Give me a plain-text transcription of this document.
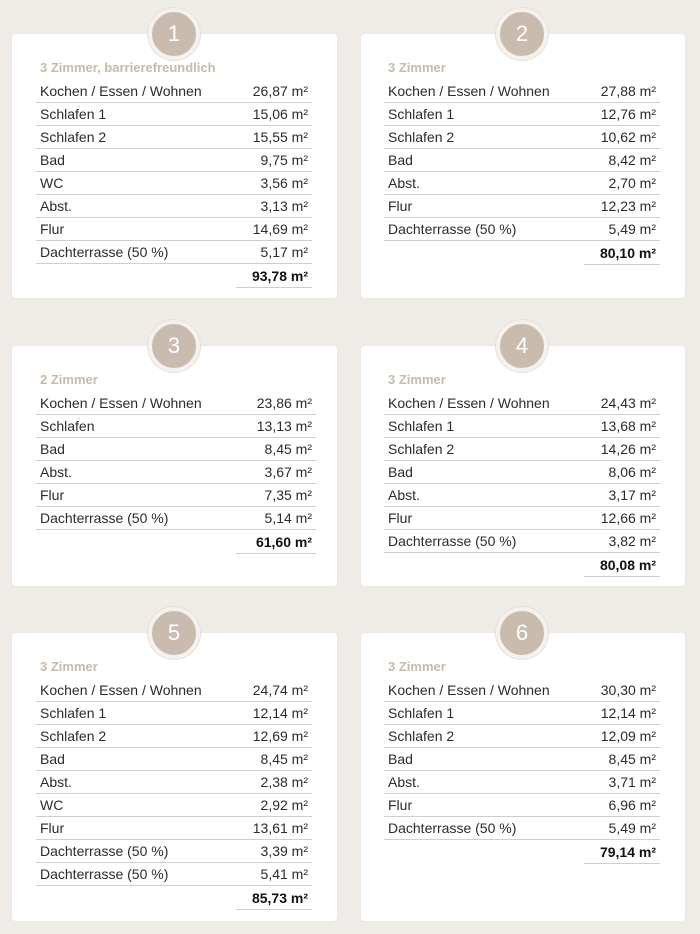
1
3 Zimmer, barrierefreundlich
Kochen / Essen / Wohnen	26,87 m²
Schlafen 1	15,06 m²
Schlafen 2	15,55 m²
Bad	9,75 m²
WC	3,56 m²
Abst.	3,13 m²
Flur	14,69 m²
Dachterrasse (50 %)	5,17 m²
93,78 m²
2
3 Zimmer
Kochen / Essen / Wohnen	27,88 m²
Schlafen 1	12,76 m²
Schlafen 2	10,62 m²
Bad	8,42 m²
Abst.	2,70 m²
Flur	12,23 m²
Dachterrasse (50 %)	5,49 m²
80,10 m²
3
2 Zimmer
Kochen / Essen / Wohnen	23,86 m²
Schlafen	13,13 m²
Bad	8,45 m²
Abst.	3,67 m²
Flur	7,35 m²
Dachterrasse (50 %)	5,14 m²
61,60 m²
4
3 Zimmer
Kochen / Essen / Wohnen	24,43 m²
Schlafen 1	13,68 m²
Schlafen 2	14,26 m²
Bad	8,06 m²
Abst.	3,17 m²
Flur	12,66 m²
Dachterrasse (50 %)	3,82 m²
80,08 m²
5
3 Zimmer
Kochen / Essen / Wohnen	24,74 m²
Schlafen 1	12,14 m²
Schlafen 2	12,69 m²
Bad	8,45 m²
Abst.	2,38 m²
WC	2,92 m²
Flur	13,61 m²
Dachterrasse (50 %)	3,39 m²
Dachterrasse (50 %)	5,41 m²
85,73 m²
6
3 Zimmer
Kochen / Essen / Wohnen	30,30 m²
Schlafen 1	12,14 m²
Schlafen 2	12,09 m²
Bad	8,45 m²
Abst.	3,71 m²
Flur	6,96 m²
Dachterrasse (50 %)	5,49 m²
79,14 m²
